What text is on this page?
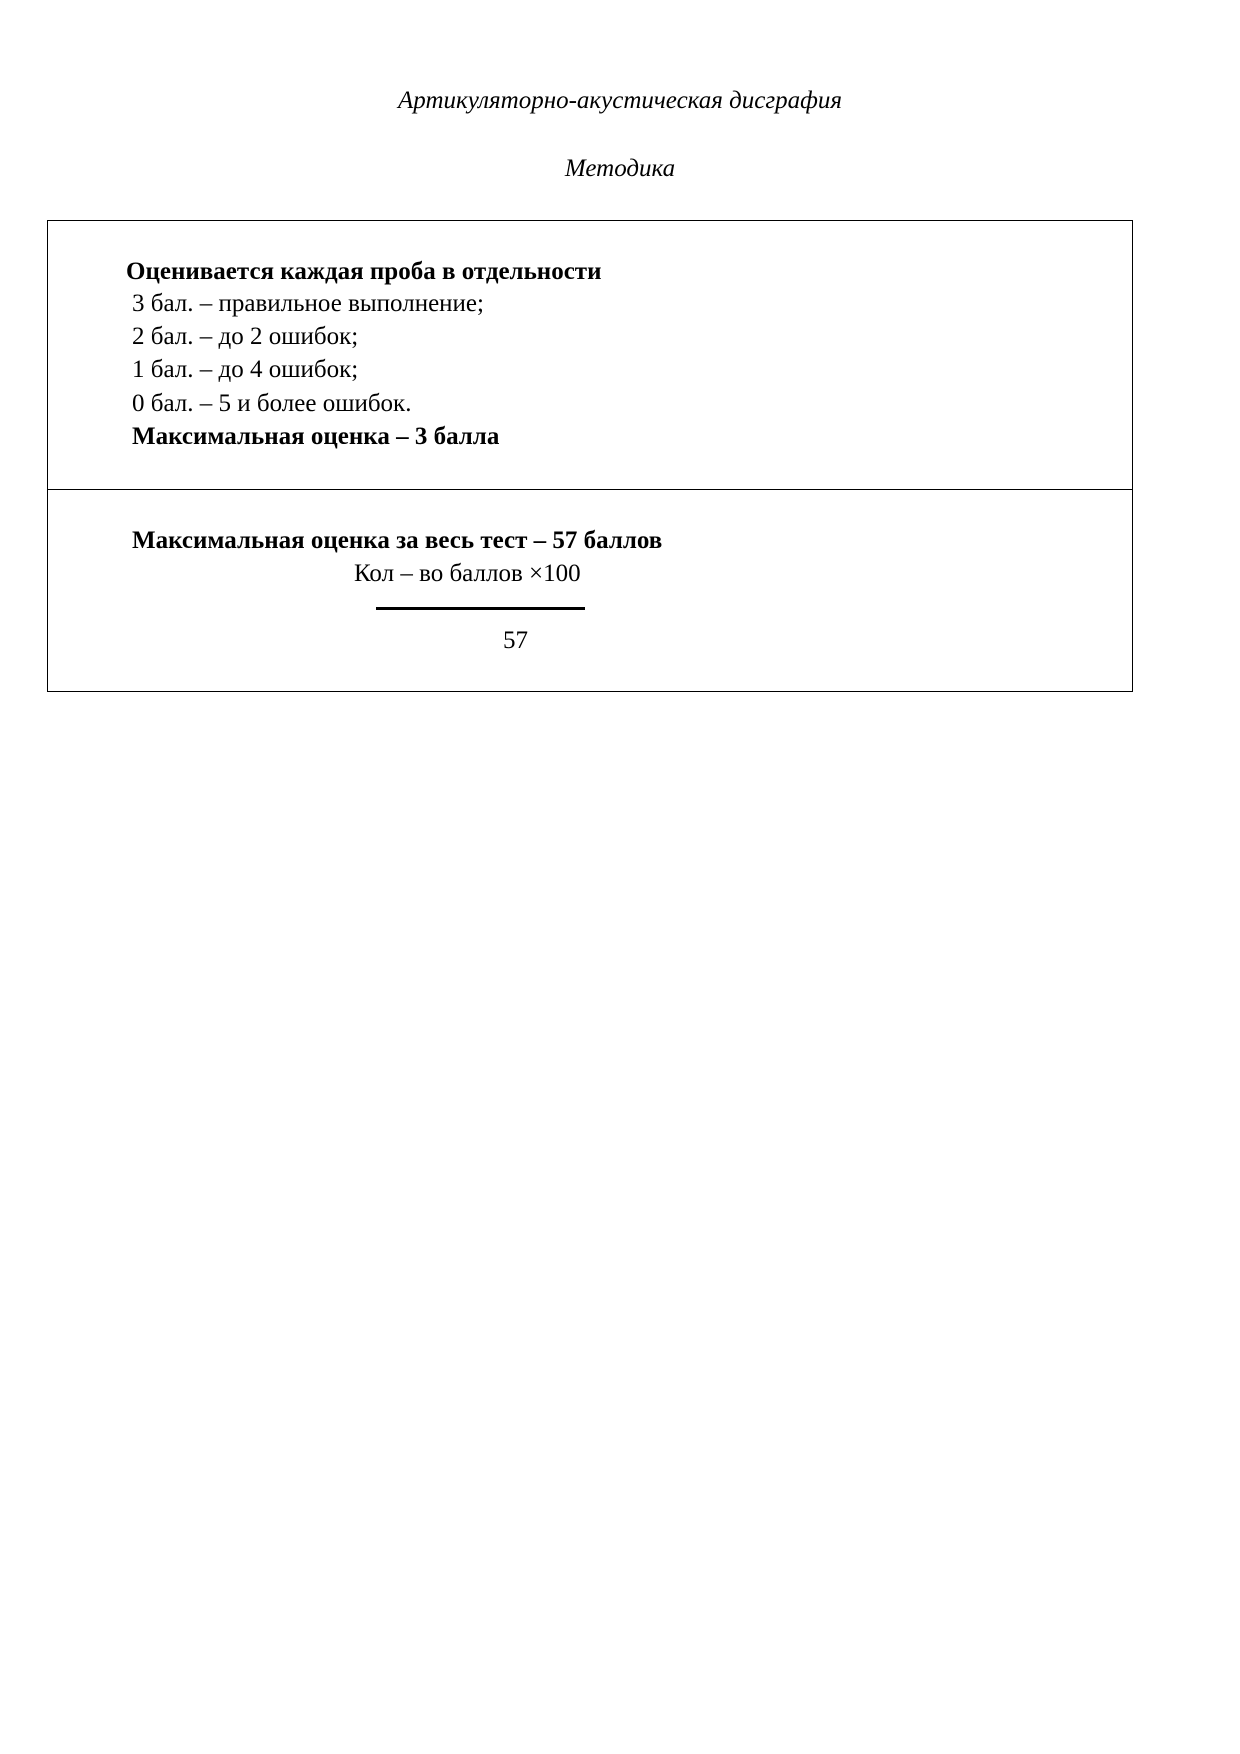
Артикуляторно-акустическая дисграфия
Методика
Оценивается каждая проба в отдельности
3 бал. – правильное выполнение;
2 бал. – до 2 ошибок;
1 бал. – до 4 ошибок;
0 бал. – 5 и более ошибок.
Максимальная оценка – 3 балла
Максимальная оценка за весь тест – 57 баллов
Кол – во баллов ×100
57
